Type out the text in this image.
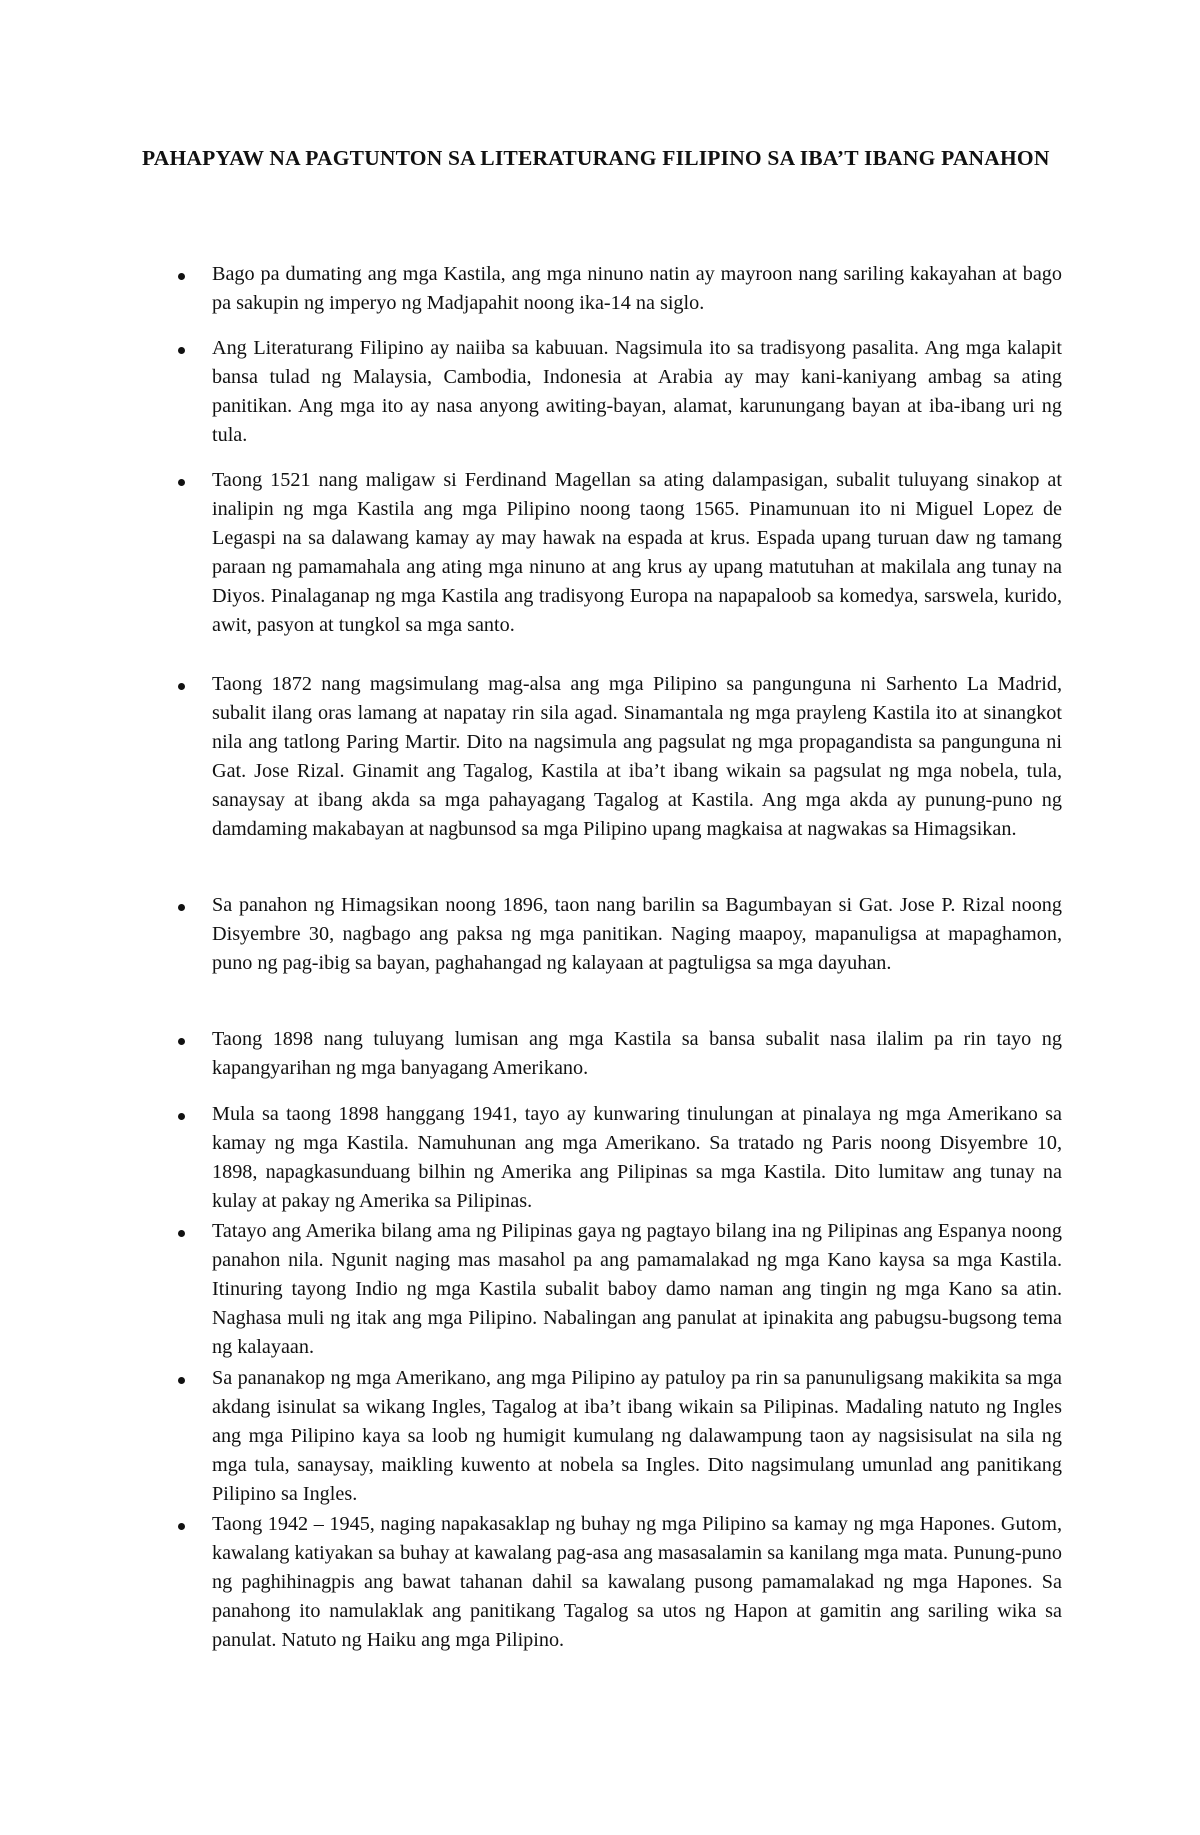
PAHAPYAW NA PAGTUNTON SA LITERATURANG FILIPINO SA IBA’T IBANG PANAHON
Bago pa dumating ang mga Kastila, ang mga ninuno natin ay mayroon nang sariling kakayahan at bago pa sakupin ng imperyo ng Madjapahit noong ika-14 na siglo.
Ang Literaturang Filipino ay naiiba sa kabuuan. Nagsimula ito sa tradisyong pasalita. Ang mga kalapit bansa tulad ng Malaysia, Cambodia, Indonesia at Arabia ay may kani-kaniyang ambag sa ating panitikan. Ang mga ito ay nasa anyong awiting-bayan, alamat, karunungang bayan at iba-ibang uri ng tula.
Taong 1521 nang maligaw si Ferdinand Magellan sa ating dalampasigan, subalit tuluyang sinakop at inalipin ng mga Kastila ang mga Pilipino noong taong 1565. Pinamunuan ito ni Miguel Lopez de Legaspi na sa dalawang kamay ay may hawak na espada at krus. Espada upang turuan daw ng tamang paraan ng pamamahala ang ating mga ninuno at ang krus ay upang matutuhan at makilala ang tunay na Diyos. Pinalaganap ng mga Kastila ang tradisyong Europa na napapaloob sa komedya, sarswela, kurido, awit, pasyon at tungkol sa mga santo.
Taong 1872 nang magsimulang mag-alsa ang mga Pilipino sa pangunguna ni Sarhento La Madrid, subalit ilang oras lamang at napatay rin sila agad. Sinamantala ng mga prayleng Kastila ito at sinangkot nila ang tatlong Paring Martir. Dito na nagsimula ang pagsulat ng mga propagandista sa pangunguna ni Gat. Jose Rizal. Ginamit ang Tagalog, Kastila at iba’t ibang wikain sa pagsulat ng mga nobela, tula, sanaysay at ibang akda sa mga pahayagang Tagalog at Kastila. Ang mga akda ay punung-puno ng damdaming makabayan at nagbunsod sa mga Pilipino upang magkaisa at nagwakas sa Himagsikan.
Sa panahon ng Himagsikan noong 1896, taon nang barilin sa Bagumbayan si Gat. Jose P. Rizal noong Disyembre 30, nagbago ang paksa ng mga panitikan. Naging maapoy, mapanuligsa at mapaghamon, puno ng pag-ibig sa bayan, paghahangad ng kalayaan at pagtuligsa sa mga dayuhan.
Taong 1898 nang tuluyang lumisan ang mga Kastila sa bansa subalit nasa ilalim pa rin tayo ng kapangyarihan ng mga banyagang Amerikano.
Mula sa taong 1898 hanggang 1941, tayo ay kunwaring tinulungan at pinalaya ng mga Amerikano sa kamay ng mga Kastila. Namuhunan ang mga Amerikano. Sa tratado ng Paris noong Disyembre 10, 1898, napagkasunduang bilhin ng Amerika ang Pilipinas sa mga Kastila. Dito lumitaw ang tunay na kulay at pakay ng Amerika sa Pilipinas.
Tatayo ang Amerika bilang ama ng Pilipinas gaya ng pagtayo bilang ina ng Pilipinas ang Espanya noong panahon nila. Ngunit naging mas masahol pa ang pamamalakad ng mga Kano kaysa sa mga Kastila. Itinuring tayong Indio ng mga Kastila subalit baboy damo naman ang tingin ng mga Kano sa atin. Naghasa muli ng itak ang mga Pilipino. Nabalingan ang panulat at ipinakita ang pabugsu-bugsong tema ng kalayaan.
Sa pananakop ng mga Amerikano, ang mga Pilipino ay patuloy pa rin sa panunuligsang makikita sa mga akdang isinulat sa wikang Ingles, Tagalog at iba’t ibang wikain sa Pilipinas. Madaling natuto ng Ingles ang mga Pilipino kaya sa loob ng humigit kumulang ng dalawampung taon ay nagsisisulat na sila ng mga tula, sanaysay, maikling kuwento at nobela sa Ingles. Dito nagsimulang umunlad ang panitikang Pilipino sa Ingles.
Taong 1942 – 1945, naging napakasaklap ng buhay ng mga Pilipino sa kamay ng mga Hapones. Gutom, kawalang katiyakan sa buhay at kawalang pag-asa ang masasalamin sa kanilang mga mata. Punung-puno ng paghihinagpis ang bawat tahanan dahil sa kawalang pusong pamamalakad ng mga Hapones. Sa panahong ito namulaklak ang panitikang Tagalog sa utos ng Hapon at gamitin ang sariling wika sa panulat. Natuto ng Haiku ang mga Pilipino.
